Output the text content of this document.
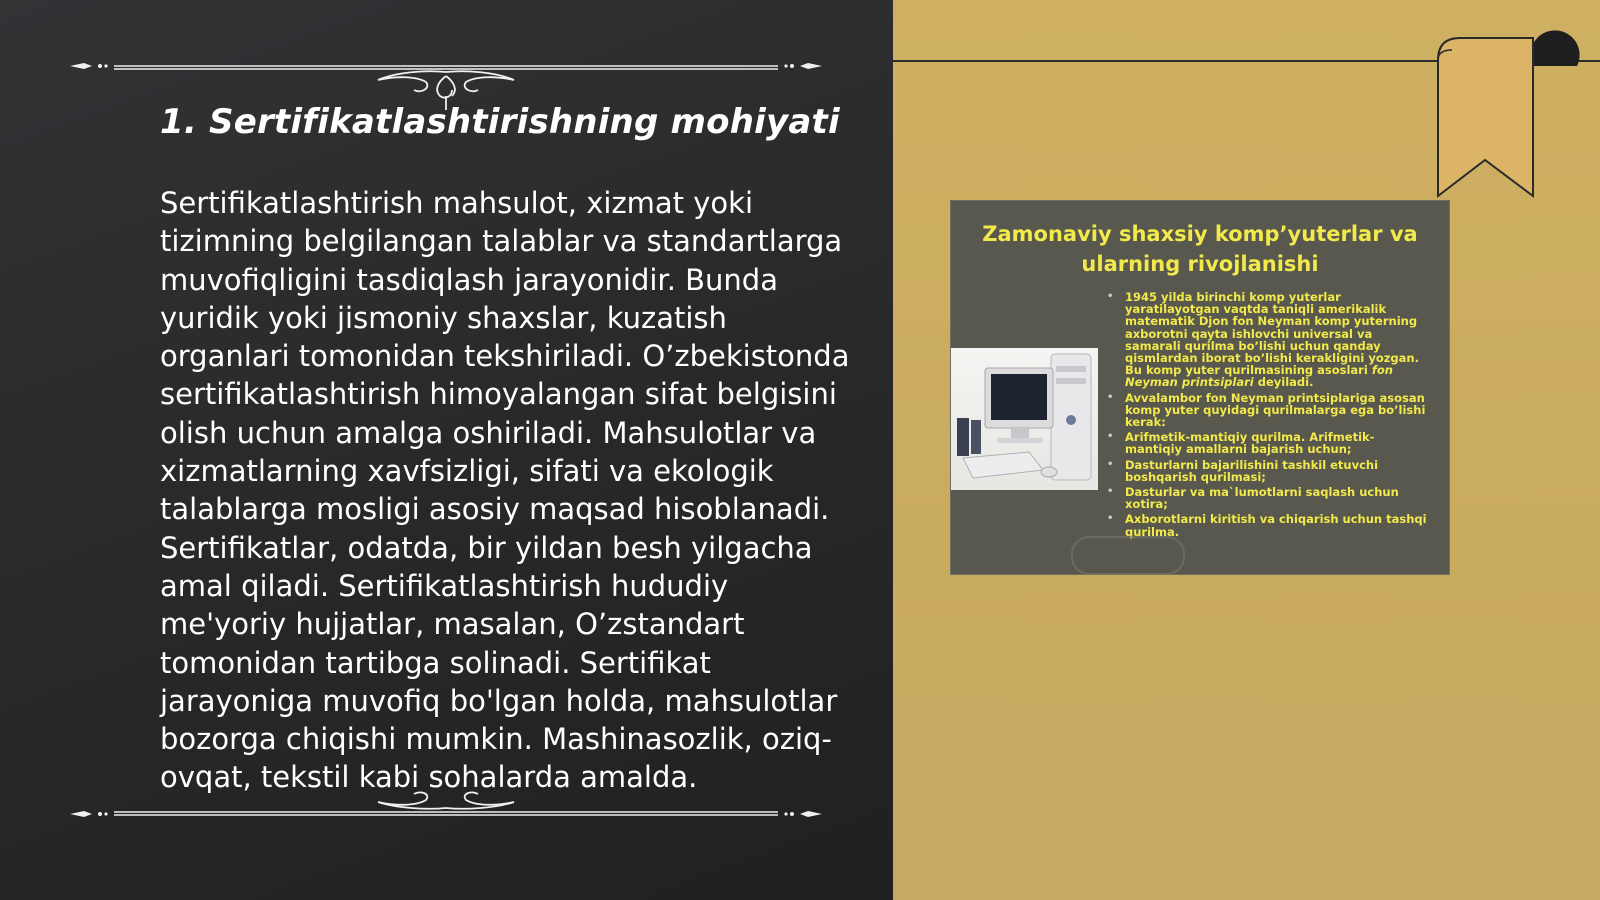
1. Sertifikatlashtirishning mohiyati

Sertifikatlashtirish mahsulot, xizmat yoki tizimning belgilangan talablar va standartlarga muvofiqligini tasdiqlash jarayonidir. Bunda yuridik yoki jismoniy shaxslar, kuzatish organlari tomonidan tekshiriladi. O’zbekistonda sertifikatlashtirish himoyalangan sifat belgisini olish uchun amalga oshiriladi. Mahsulotlar va xizmatlarning xavfsizligi, sifati va ekologik talablarga mosligi asosiy maqsad hisoblanadi. Sertifikatlar, odatda, bir yildan besh yilgacha amal qiladi. Sertifikatlashtirish hududiy me'yoriy hujjatlar, masalan, O’zstandart tomonidan tartibga solinadi. Sertifikat jarayoniga muvofiq bo'lgan holda, mahsulotlar bozorga chiqishi mumkin. Mashinasozlik, oziq-ovqat, tekstil kabi sohalarda amalda.

Zamonaviy shaxsiy komp’yuterlar va ularning rivojlanishi
• 1945 yilda birinchi komp yuterlar yaratilayotgan vaqtda taniqli amerikalik matematik Djon fon Neyman komp yuterning axborotni qayta ishlovchi universal va samarali qurilma bo’lishi uchun qanday qismlardan iborat bo’lishi kerakligini yozgan. Bu komp yuter qurilmasining asoslari fon Neyman printsiplari deyiladi.
• Avvalambor fon Neyman printsiplariga asosan komp yuter quyidagi qurilmalarga ega bo’lishi kerak:
• Arifmetik-mantiqiy qurilma. Arifmetik-mantiqiy amallarni bajarish uchun;
• Dasturlarni bajarilishini tashkil etuvchi boshqarish qurilmasi;
• Dasturlar va ma`lumotlarni saqlash uchun xotira;
• Axborotlarni kiritish va chiqarish uchun tashqi qurilma.
